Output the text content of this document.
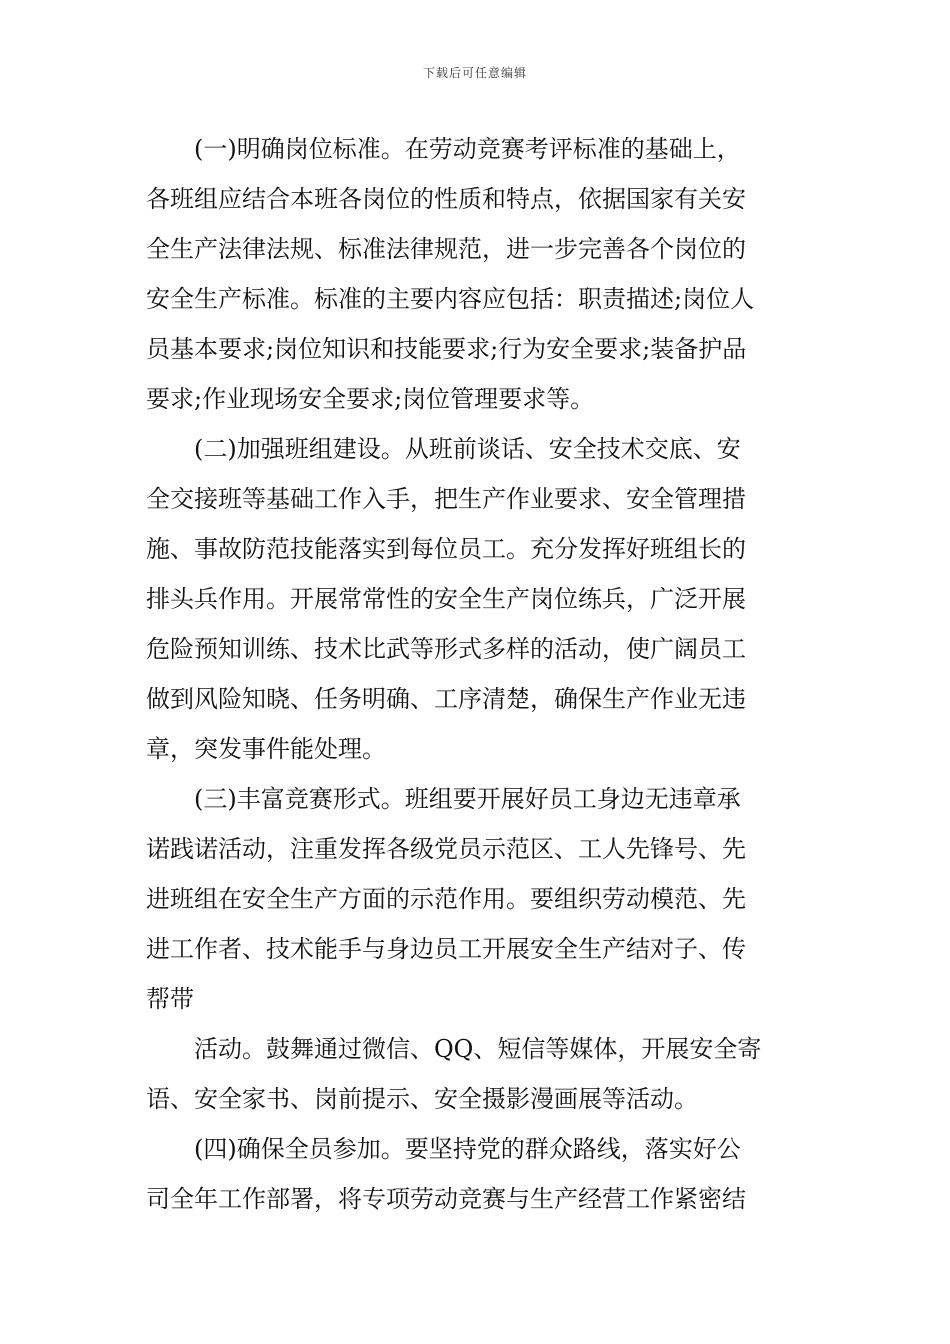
下载后可任意编辑

(一)明确岗位标准。在劳动竞赛考评标准的基础上，
各班组应结合本班各岗位的性质和特点，依据国家有关安
全生产法律法规、标准法律规范，进一步完善各个岗位的
安全生产标准。标准的主要内容应包括：职责描述;岗位人
员基本要求;岗位知识和技能要求;行为安全要求;装备护品
要求;作业现场安全要求;岗位管理要求等。

(二)加强班组建设。从班前谈话、安全技术交底、安
全交接班等基础工作入手，把生产作业要求、安全管理措
施、事故防范技能落实到每位员工。充分发挥好班组长的
排头兵作用。开展常常性的安全生产岗位练兵，广泛开展
危险预知训练、技术比武等形式多样的活动，使广阔员工
做到风险知晓、任务明确、工序清楚，确保生产作业无违
章，突发事件能处理。

(三)丰富竞赛形式。班组要开展好员工身边无违章承
诺践诺活动，注重发挥各级党员示范区、工人先锋号、先
进班组在安全生产方面的示范作用。要组织劳动模范、先
进工作者、技术能手与身边员工开展安全生产结对子、传
帮带

活动。鼓舞通过微信、QQ、短信等媒体，开展安全寄
语、安全家书、岗前提示、安全摄影漫画展等活动。

(四)确保全员参加。要坚持党的群众路线，落实好公
司全年工作部署，将专项劳动竞赛与生产经营工作紧密结
